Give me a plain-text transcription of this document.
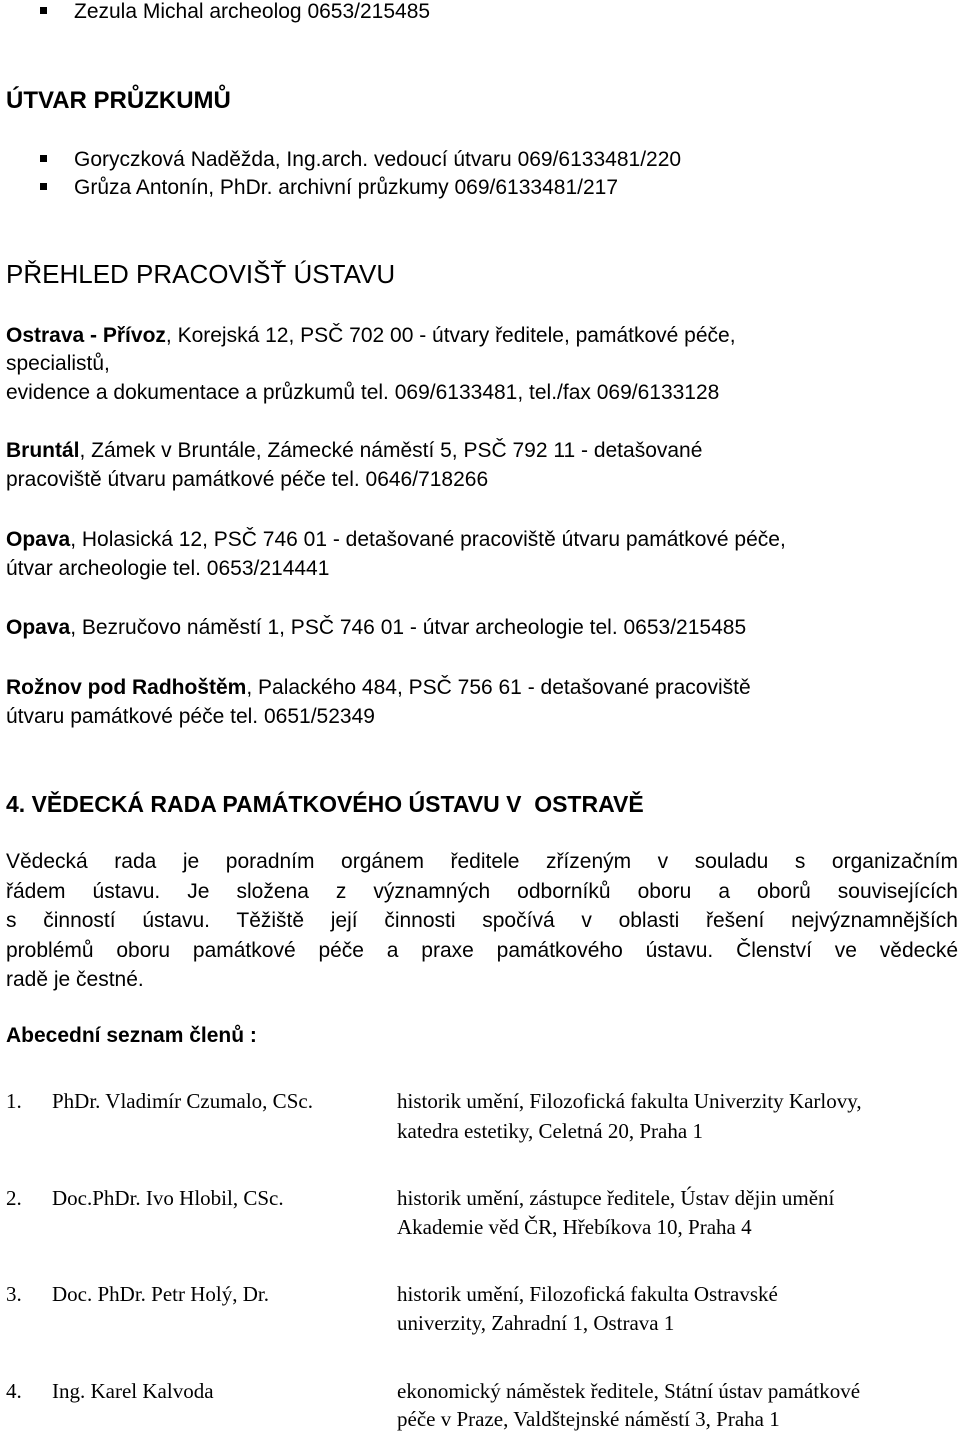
Zezula Michal archeolog 0653/215485
ÚTVAR PRŮZKUMŮ
Goryczková Naděžda, Ing.arch. vedoucí útvaru 069/6133481/220
Grůza Antonín, PhDr. archivní průzkumy 069/6133481/217
PŘEHLED PRACOVIŠŤ ÚSTAVU
Ostrava - Přívoz, Korejská 12, PSČ 702 00 - útvary ředitele, památkové péče,
specialistů,
evidence a dokumentace a průzkumů tel. 069/6133481, tel./fax 069/6133128
Bruntál, Zámek v Bruntále, Zámecké náměstí 5, PSČ 792 11 - detašované
pracoviště útvaru památkové péče tel. 0646/718266
Opava, Holasická 12, PSČ 746 01 - detašované pracoviště útvaru památkové péče,
útvar archeologie tel. 0653/214441
Opava, Bezručovo náměstí 1, PSČ 746 01 - útvar archeologie tel. 0653/215485
Rožnov pod Radhoštěm, Palackého 484, PSČ 756 61 - detašované pracoviště
útvaru památkové péče tel. 0651/52349
4. VĚDECKÁ RADA PAMÁTKOVÉHO ÚSTAVU V  OSTRAVĚ
Vědecká rada je poradním orgánem ředitele zřízeným v souladu s organizačním
řádem ústavu. Je složena z významných odborníků oboru a oborů souvisejících
s činností ústavu. Těžiště její činnosti spočívá v oblasti řešení nejvýznamnějších
problémů oboru památkové péče a praxe památkového ústavu. Členství ve vědecké
radě je čestné.
Abecední seznam členů :
1. PhDr. Vladimír Czumalo, CSc.	historik umění, Filozofická fakulta Univerzity Karlovy,
katedra estetiky, Celetná 20, Praha 1
2. Doc.PhDr. Ivo Hlobil, CSc.	historik umění, zástupce ředitele, Ústav dějin umění
Akademie věd ČR, Hřebíkova 10, Praha 4
3. Doc. PhDr. Petr Holý, Dr.	historik umění, Filozofická fakulta Ostravské
univerzity, Zahradní 1, Ostrava 1
4. Ing. Karel Kalvoda	ekonomický náměstek ředitele, Státní ústav památkové
péče v Praze, Valdštejnské náměstí 3, Praha 1
